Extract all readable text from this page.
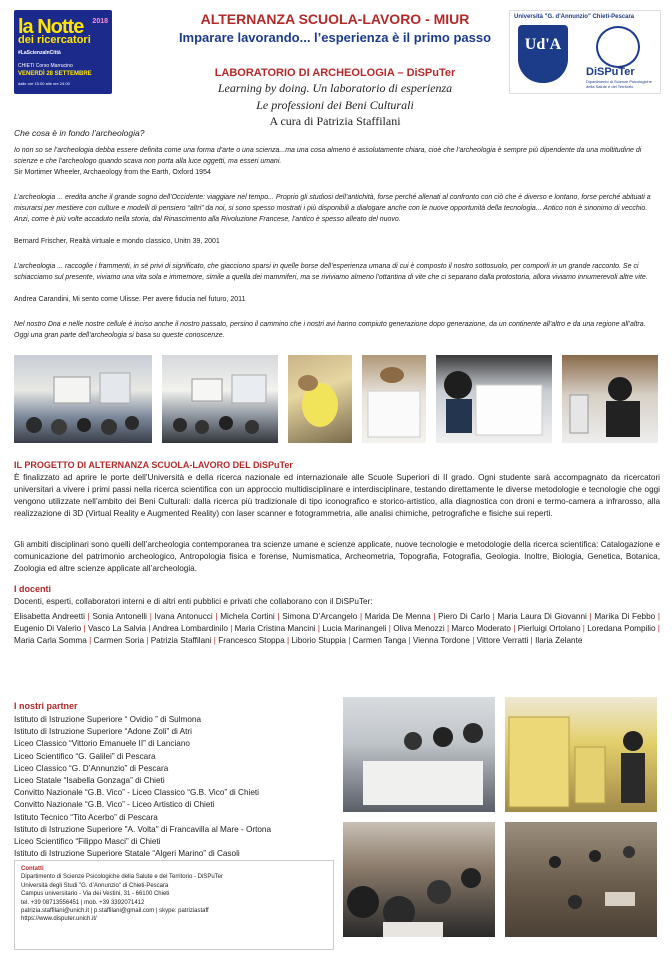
la Notte 2018
dei ricercatori
#LaScienzaInCittà
CHIETI Corso Marrucino
VENERDÌ 28 SETTEMBRE
dalle ore 15.00 alle ore 24.00
ALTERNANZA SCUOLA-LAVORO - MIUR
Imparare lavorando... l’esperienza è il primo passo
LABORATORIO DI ARCHEOLOGIA – DiSPuTer
Learning by doing. Un laboratorio di esperienza
Le professioni dei Beni Culturali
A cura di Patrizia Staffilani
Università "G. d'Annunzio" Chieti-Pescara
Ud'A
DiSPuTer
Dipartimento di Scienze Psicologiche della Salute e del Territorio
Che cosa è in fondo l’archeologia?
Io non so se l’archeologia debba essere definita come una forma d’arte o una scienza...ma una cosa almeno è assolutamente chiara, cioè che l’archeologia è sempre più dipendente da una moltitudine di scienze e che l’archeologo quando scava non porta alla luce oggetti, ma esseri umani.
Sir Mortimer Wheeler, Archaeology from the Earth, Oxford 1954
L’archeologia ... eredita anche il grande sogno dell’Occidente: viaggiare nel tempo... Proprio gli studiosi dell’antichità, forse perché allenati al confronto con ciò che è diverso e lontano, forse perché abituati a misurarsi per mestiere con culture e modelli di pensiero “altri” da noi, si sono spesso mostrati i più disponibili a dialogare anche con le nuove opportunità della tecnologia... Antico non è sinonimo di vecchio. Anzi, come è più volte accaduto nella storia, dal Rinascimento alla Rivoluzione Francese, l’antico è spesso alleato del nuovo.
Bernard Frischer, Realtà virtuale e mondo classico, Unitn 39, 2001
L’archeologia ... raccoglie i frammenti, in sé privi di significato, che giacciono sparsi in quelle borse dell’esperienza umana di cui è composto il nostro sottosuolo, per comporli in un grande racconto. Se ci schiacciamo sul presente, viviamo una vita sola e immemore, simile a quella dei mammiferi, ma se riviviamo almeno l’ottantina di vite che ci separano dalla protostoria, allora viviamo innumerevoli altre vite.
Andrea Carandini, Mi sento come Ulisse. Per avere fiducia nel futuro, 2011
Nel nostro Dna e nelle nostre cellule è inciso anche il nostro passato, persino il cammino che i nostri avi hanno compiuto generazione dopo generazione, da un continente all’altro e da una regione all’altra. Oggi una gran parte dell’archeologia si basa su queste conoscenze.
IL PROGETTO DI ALTERNANZA SCUOLA-LAVORO DEL DiSPuTer
È finalizzato ad aprire le porte dell’Università e della ricerca nazionale ed internazionale alle Scuole Superiori di II grado. Ogni studente sarà accompagnato da ricercatori universitari a vivere i primi passi nella ricerca scientifica con un approccio multidisciplinare e interdisciplinare, testando direttamente le diverse metodologie e tecnologie che oggi vengono utilizzate nell’ambito dei Beni Culturali: dalla ricerca più tradizionale di tipo iconografico e storico-artistico, alla diagnostica con droni e termo-camera a infrarosso, alla realizzazione di 3D (Virtual Reality e Augmented Reality) con laser scanner e fotogrammetria, alle analisi chimiche, petrografiche e fisiche sui reperti.
Gli ambiti disciplinari sono quelli dell’archeologia contemporanea tra scienze umane e scienze applicate, nuove tecnologie e metodologie della ricerca scientifica: Catalogazione e comunicazione del patrimonio archeologico, Antropologia fisica e forense, Numismatica, Archeometria, Topografia, Fotografia, Geologia. Inoltre, Biologia, Genetica, Botanica, Zoologia ed altre scienze applicate all’archeologia.
I docenti
Docenti, esperti, collaboratori interni e di altri enti pubblici e privati che collaborano con il DiSPuTer:
Elisabetta Andreetti | Sonia Antonelli | Ivana Antonucci | Michela Cortini | Simona D’Arcangelo | Marida De Menna | Piero Di Carlo | Maria Laura Di Giovanni | Marika Di Febbo | Eugenio Di Valerio | Vasco La Salvia | Andrea Lombardinilo | Maria Cristina Mancini | Lucia Marinangeli | Oliva Menozzi | Marco Moderato | Pierluigi Ortolano | Loredana Pompilio | Maria Carla Somma | Carmen Soria | Patrizia Staffilani | Francesco Stoppa | Liborio Stuppia | Carmen Tanga | Vienna Tordone | Vittore Verratti | Ilaria Zelante
I nostri partner
Istituto di Istruzione Superiore “ Ovidio ” di Sulmona
Istituto di Istruzione Superiore “Adone Zoli” di Atri
Liceo Classico “Vittorio Emanuele II” di Lanciano
Liceo Scientifico “G. Galilei” di Pescara
Liceo Classico “G. D’Annunzio” di Pescara
Liceo Statale “Isabella Gonzaga” di Chieti
Convitto Nazionale “G.B. Vico” - Liceo Classico “G.B. Vico” di Chieti
Convitto Nazionale “G.B. Vico” - Liceo Artistico di Chieti
Istituto Tecnico “Tito Acerbo” di Pescara
Istituto di Istruzione Superiore "A. Volta" di Francavilla al Mare - Ortona
Liceo Scientifico “Filippo Masci” di Chieti
Istituto di Istruzione Superiore Statale “Algeri Marino” di Casoli
Contatti
Dipartimento di Scienze Psicologiche della Salute e del Territorio - DiSPuTer
Università degli Studi "G. d’Annunzio" di Chieti-Pescara
Campus universitario - Via dei Vestini, 31 - 66100 Chieti
tel. +39 08713556451 | mob. +39 3392071412
patrizia.staffilani@unich.it | p.staffilani@gmail.com | skype: patriziastaff
https://www.disputer.unich.it/
